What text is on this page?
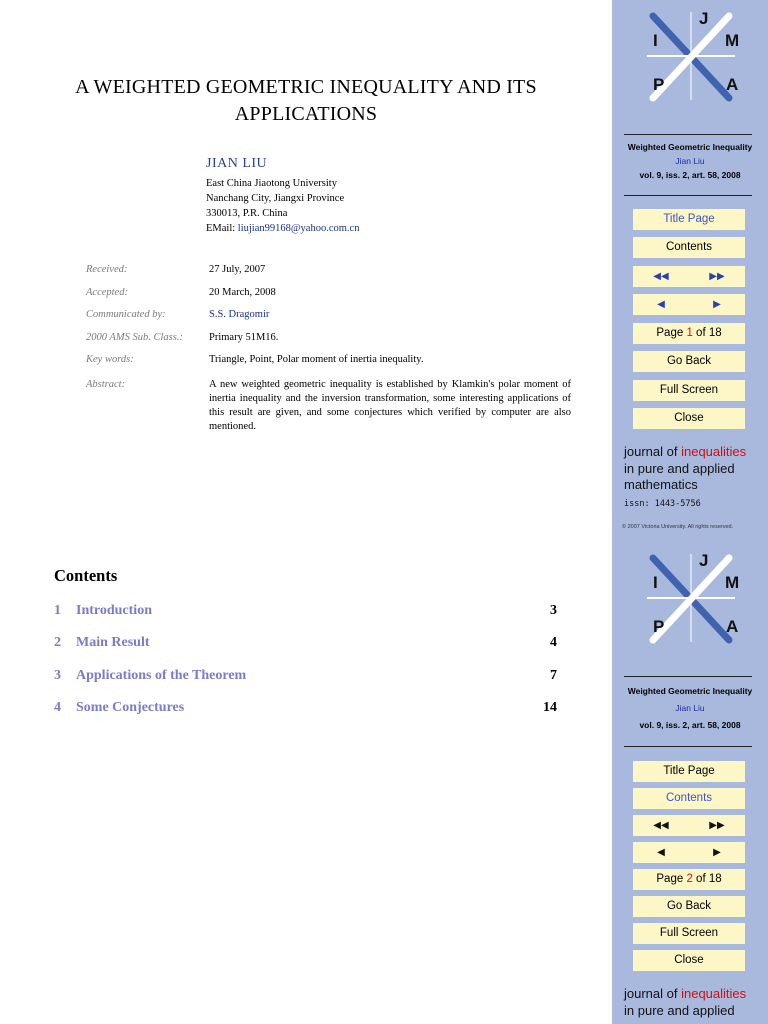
A WEIGHTED GEOMETRIC INEQUALITY AND ITS
APPLICATIONS
JIAN LIU
East China Jiaotong University
Nanchang City, Jiangxi Province
330013, P.R. China
EMail: liujian99168@yahoo.com.cn
Received:	27 July, 2007
Accepted:	20 March, 2008
Communicated by:	S.S. Dragomir
2000 AMS Sub. Class.: Primary 51M16.
Key words:	Triangle, Point, Polar moment of inertia inequality.
Abstract:	A new weighted geometric inequality is established by Klamkin's polar moment of inertia inequality and the inversion transformation, some interesting applications of this result are given, and some conjectures which verified by computer are also mentioned.
Contents
1 Introduction	3
2 Main Result	4
3 Applications of the Theorem	7
4 Some Conjectures	14
J
I	M
P	A
Weighted Geometric Inequality
Jian Liu
vol. 9, iss. 2, art. 58, 2008
Title Page
Contents
◀◀	▶▶
◀	▶
Page 1 of 18
Go Back
Full Screen
Close
journal of inequalities
in pure and applied
mathematics
issn: 1443-5756
© 2007 Victoria University. All rights reserved.
J
I	M
P	A
Weighted Geometric Inequality
Jian Liu
vol. 9, iss. 2, art. 58, 2008
Title Page
Contents
◀◀	▶▶
◀	▶
Page 2 of 18
Go Back
Full Screen
Close
journal of inequalities
in pure and applied
